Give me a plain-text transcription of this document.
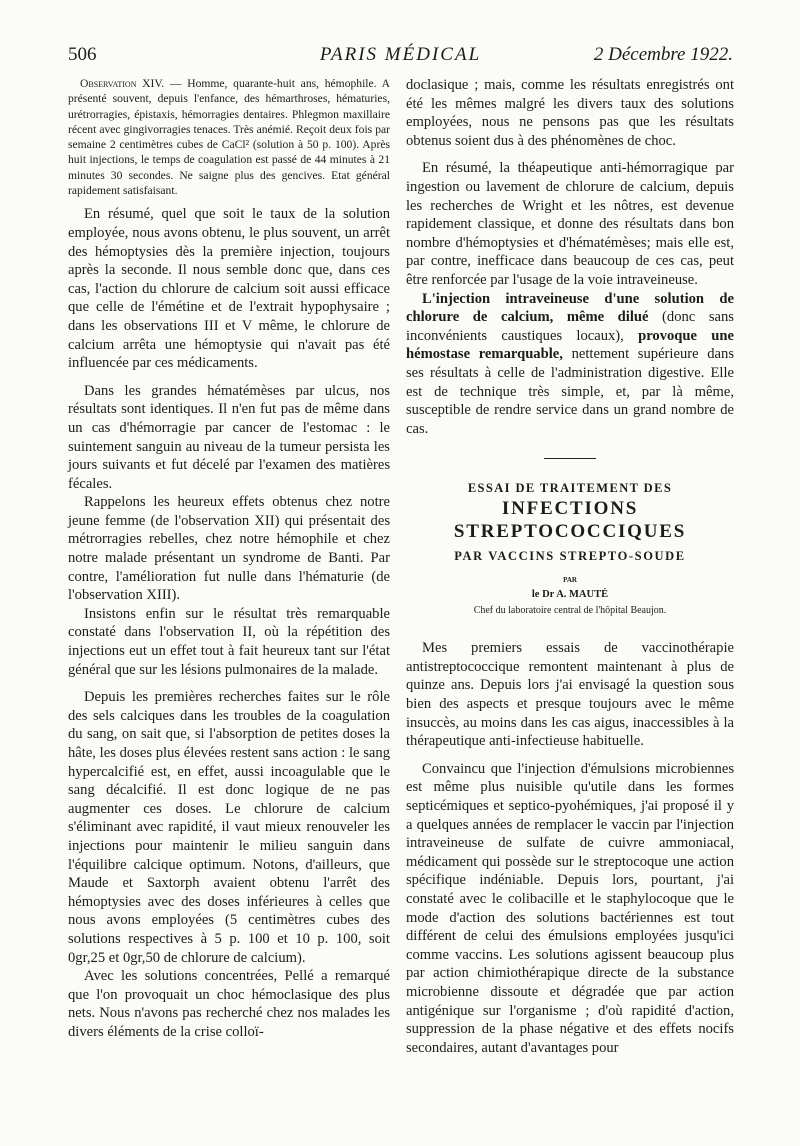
506	PARIS MÉDICAL	2 Décembre 1922.

Observation XIV. — Homme, quarante-huit ans, hémophile. A présenté souvent, depuis l'enfance, des hémarthroses, hématuries, urétrorragies, épistaxis, hémorragies dentaires. Phlegmon maxillaire récent avec gingivorragies tenaces. Très anémié. Reçoit deux fois par semaine 2 centimètres cubes de CaCl² (solution à 50 p. 100). Après huit injections, le temps de coagulation est passé de 44 minutes à 21 minutes 30 secondes. Ne saigne plus des gencives. Etat général rapidement satisfaisant.

En résumé, quel que soit le taux de la solution employée, nous avons obtenu, le plus souvent, un arrêt des hémoptysies dès la première injection, toujours après la seconde. Il nous semble donc que, dans ces cas, l'action du chlorure de calcium soit aussi efficace que celle de l'émétine et de l'extrait hypophysaire ; dans les observations III et V même, le chlorure de calcium arrêta une hémoptysie qui n'avait pas été influencée par ces médicaments.

Dans les grandes hématémèses par ulcus, nos résultats sont identiques. Il n'en fut pas de même dans un cas d'hémorragie par cancer de l'estomac : le suintement sanguin au niveau de la tumeur persista les jours suivants et fut décelé par l'examen des matières fécales.

Rappelons les heureux effets obtenus chez notre jeune femme (de l'observation XII) qui présentait des métrorragies rebelles, chez notre hémophile et chez notre malade présentant un syndrome de Banti. Par contre, l'amélioration fut nulle dans l'hématurie (de l'observation XIII).

Insistons enfin sur le résultat très remarquable constaté dans l'observation II, où la répétition des injections eut un effet tout à fait heureux tant sur l'état général que sur les lésions pulmonaires de la malade.

Depuis les premières recherches faites sur le rôle des sels calciques dans les troubles de la coagulation du sang, on sait que, si l'absorption de petites doses la hâte, les doses plus élevées restent sans action : le sang hypercalcifié est, en effet, aussi incoagulable que le sang décalcifié. Il est donc logique de ne pas augmenter ces doses. Le chlorure de calcium s'éliminant avec rapidité, il vaut mieux renouveler les injections pour maintenir le milieu sanguin dans l'équilibre calcique optimum. Notons, d'ailleurs, que Maude et Saxtorph avaient obtenu l'arrêt des hémoptysies avec des doses inférieures à celles que nous avons employées (5 centimètres cubes des solutions respectives à 5 p. 100 et 10 p. 100, soit 0gr,25 et 0gr,50 de chlorure de calcium).

Avec les solutions concentrées, Pellé a remarqué que l'on provoquait un choc hémoclasique des plus nets. Nous n'avons pas recherché chez nos malades les divers éléments de la crise colloï-

doclasique ; mais, comme les résultats enregistrés ont été les mêmes malgré les divers taux des solutions employées, nous ne pensons pas que les résultats obtenus soient dus à des phénomènes de choc.

En résumé, la théapeutique anti-hémorragique par ingestion ou lavement de chlorure de calcium, depuis les recherches de Wright et les nôtres, est devenue rapidement classique, et donne des résultats dans bon nombre d'hémoptysies et d'hématémèses; mais elle est, par contre, inefficace dans beaucoup de ces cas, peut être renforcée par l'usage de la voie intraveineuse.

L'injection intraveineuse d'une solution de chlorure de calcium, même dilué (donc sans inconvénients caustiques locaux), provoque une hémostase remarquable, nettement supérieure dans ses résultats à celle de l'administration digestive. Elle est de technique très simple, et, par là même, susceptible de rendre service dans un grand nombre de cas.

ESSAI DE TRAITEMENT DES

INFECTIONS

STREPTOCOCCIQUES

PAR VACCINS STREPTO-SOUDE

PAR

le Dr A. MAUTÉ

Chef du laboratoire central de l'hôpital Beaujon.

Mes premiers essais de vaccinothérapie antistreptococcique remontent maintenant à plus de quinze ans. Depuis lors j'ai envisagé la question sous bien des aspects et presque toujours avec le même insuccès, au moins dans les cas aigus, inaccessibles à la thérapeutique anti-infectieuse habituelle.

Convaincu que l'injection d'émulsions microbiennes est même plus nuisible qu'utile dans les formes septicémiques et septico-pyohémiques, j'ai proposé il y a quelques années de remplacer le vaccin par l'injection intraveineuse de sulfate de cuivre ammoniacal, médicament qui possède sur le streptocoque une action spécifique indéniable. Depuis lors, pourtant, j'ai constaté avec le colibacille et le staphylocoque que le mode d'action des solutions bactériennes est tout différent de celui des émulsions employées jusqu'ici comme vaccins. Les solutions agissent beaucoup plus par action chimiothérapique directe de la substance microbienne dissoute et dégradée que par action antigénique sur l'organisme ; d'où rapidité d'action, suppression de la phase négative et des effets nocifs secondaires, autant d'avantages pour
